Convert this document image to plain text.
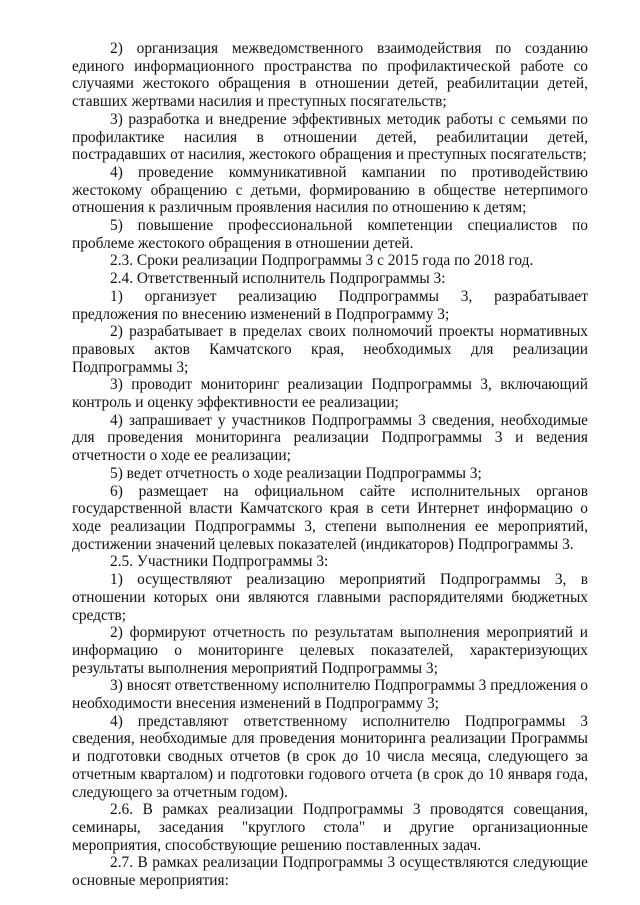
2) организация межведомственного взаимодействия по созданию единого информационного пространства по профилактической работе со случаями жестокого обращения в отношении детей, реабилитации детей, ставших жертвами насилия и преступных посягательств;

3) разработка и внедрение эффективных методик работы с семьями по профилактике насилия в отношении детей, реабилитации детей, пострадавших от насилия, жестокого обращения и преступных посягательств;

4) проведение коммуникативной кампании по противодействию жестокому обращению с детьми, формированию в обществе нетерпимого отношения к различным проявления насилия по отношению к детям;

5) повышение профессиональной компетенции специалистов по проблеме жестокого обращения в отношении детей.

2.3. Сроки реализации Подпрограммы 3 с 2015 года по 2018 год.

2.4. Ответственный исполнитель Подпрограммы 3:

1) организует реализацию Подпрограммы 3, разрабатывает предложения по внесению изменений в Подпрограмму 3;

2) разрабатывает в пределах своих полномочий проекты нормативных правовых актов Камчатского края, необходимых для реализации Подпрограммы 3;

3) проводит мониторинг реализации Подпрограммы 3, включающий контроль и оценку эффективности ее реализации;

4) запрашивает у участников Подпрограммы 3 сведения, необходимые для проведения мониторинга реализации Подпрограммы 3 и ведения отчетности о ходе ее реализации;

5) ведет отчетность о ходе реализации Подпрограммы 3;

6) размещает на официальном сайте исполнительных органов государственной власти Камчатского края в сети Интернет информацию о ходе реализации Подпрограммы 3, степени выполнения ее мероприятий, достижении значений целевых показателей (индикаторов) Подпрограммы 3.

2.5. Участники Подпрограммы 3:

1) осуществляют реализацию мероприятий Подпрограммы 3, в отношении которых они являются главными распорядителями бюджетных средств;

2) формируют отчетность по результатам выполнения мероприятий и информацию о мониторинге целевых показателей, характеризующих результаты выполнения мероприятий Подпрограммы 3;

3) вносят ответственному исполнителю Подпрограммы 3 предложения о необходимости внесения изменений в Подпрограмму 3;

4) представляют ответственному исполнителю Подпрограммы 3 сведения, необходимые для проведения мониторинга реализации Программы и подготовки сводных отчетов (в срок до 10 числа месяца, следующего за отчетным кварталом) и подготовки годового отчета (в срок до 10 января года, следующего за отчетным годом).

2.6. В рамках реализации Подпрограммы 3 проводятся совещания, семинары, заседания "круглого стола" и другие организационные мероприятия, способствующие решению поставленных задач.

2.7. В рамках реализации Подпрограммы 3 осуществляются следующие основные мероприятия:
